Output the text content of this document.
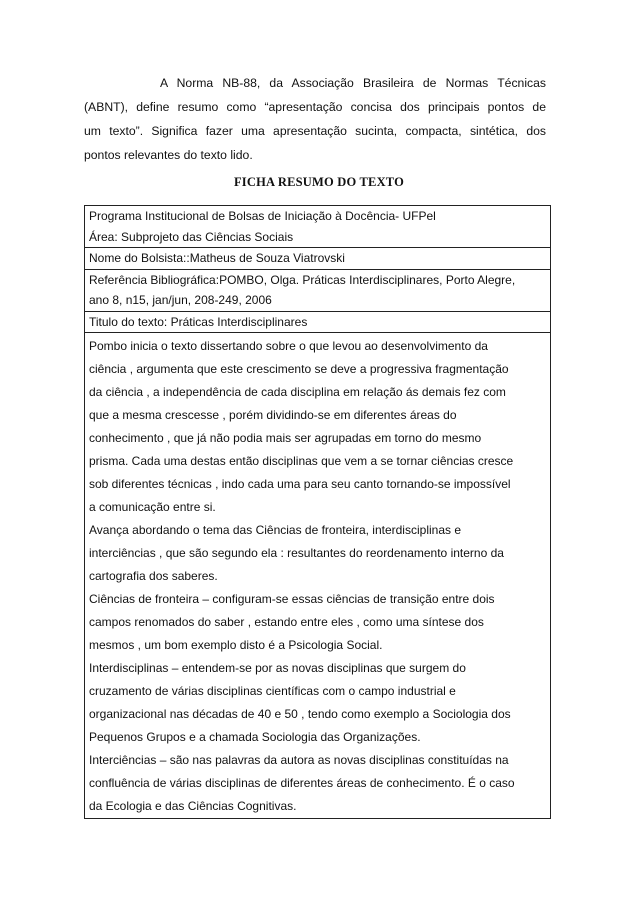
A Norma NB-88, da Associação Brasileira de Normas Técnicas
(ABNT), define resumo como “apresentação concisa dos principais pontos de
um texto”. Significa fazer uma apresentação sucinta, compacta, sintética, dos
pontos relevantes do texto lido.
FICHA RESUMO DO TEXTO
Programa Institucional de Bolsas de Iniciação à Docência- UFPel
Área: Subprojeto das Ciências Sociais

Nome do Bolsista::Matheus de Souza Viatrovski

Referência Bibliográfica:POMBO, Olga. Práticas Interdisciplinares, Porto Alegre,
ano 8, n15, jan/jun, 208-249, 2006

Titulo do texto: Práticas Interdisciplinares

Pombo inicia o texto dissertando sobre o que levou ao desenvolvimento da
ciência , argumenta que este crescimento se deve a progressiva fragmentação
da ciência , a independência de cada disciplina em relação ás demais fez com
que a mesma crescesse , porém dividindo-se em diferentes áreas do
conhecimento , que já não podia mais ser agrupadas em torno do mesmo
prisma. Cada uma destas então disciplinas que vem a se tornar ciências cresce
sob diferentes técnicas , indo cada uma para seu canto tornando-se impossível
a comunicação entre si.
Avança abordando o tema das Ciências de fronteira, interdisciplinas e
interciências , que são segundo ela : resultantes do reordenamento interno da
cartografia dos saberes.
Ciências de fronteira – configuram-se essas ciências de transição entre dois
campos renomados do saber , estando entre eles , como uma síntese dos
mesmos , um bom exemplo disto é a Psicologia Social.
Interdisciplinas – entendem-se por as novas disciplinas que surgem do
cruzamento de várias disciplinas científicas com o campo industrial e
organizacional nas décadas de 40 e 50 , tendo como exemplo a Sociologia dos
Pequenos Grupos e a chamada Sociologia das Organizações.
Interciências – são nas palavras da autora as novas disciplinas constituídas na
confluência de várias disciplinas de diferentes áreas de conhecimento. É o caso
da Ecologia e das Ciências Cognitivas.
